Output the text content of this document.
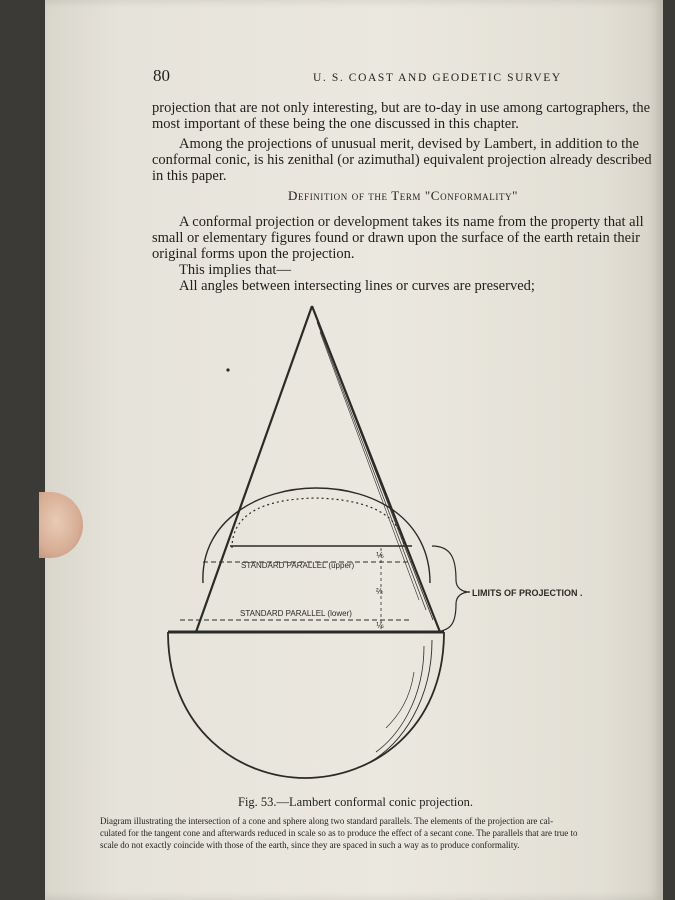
80	U. S. COAST AND GEODETIC SURVEY
projection that are not only interesting, but are to-day in use among cartographers, the
most important of these being the one discussed in this chapter.
Among the projections of unusual merit, devised by Lambert, in addition to the
conformal conic, is his zenithal (or azimuthal) equivalent projection already described
in this paper.
Definition of the Term "Conformality"
A conformal projection or development takes its name from the property that all
small or elementary figures found or drawn upon the surface of the earth retain their
original forms upon the projection.
This implies that—
All angles between intersecting lines or curves are preserved;
STANDARD PARALLEL (upper)
STANDARD PARALLEL (lower)
LIMITS OF PROJECTION .
⅙
⅔
⅙
Fig. 53.—Lambert conformal conic projection.
Diagram illustrating the intersection of a cone and sphere along two standard parallels. The elements of the projection are cal-
culated for the tangent cone and afterwards reduced in scale so as to produce the effect of a secant cone. The parallels that are true to
scale do not exactly coincide with those of the earth, since they are spaced in such a way as to produce conformality.
